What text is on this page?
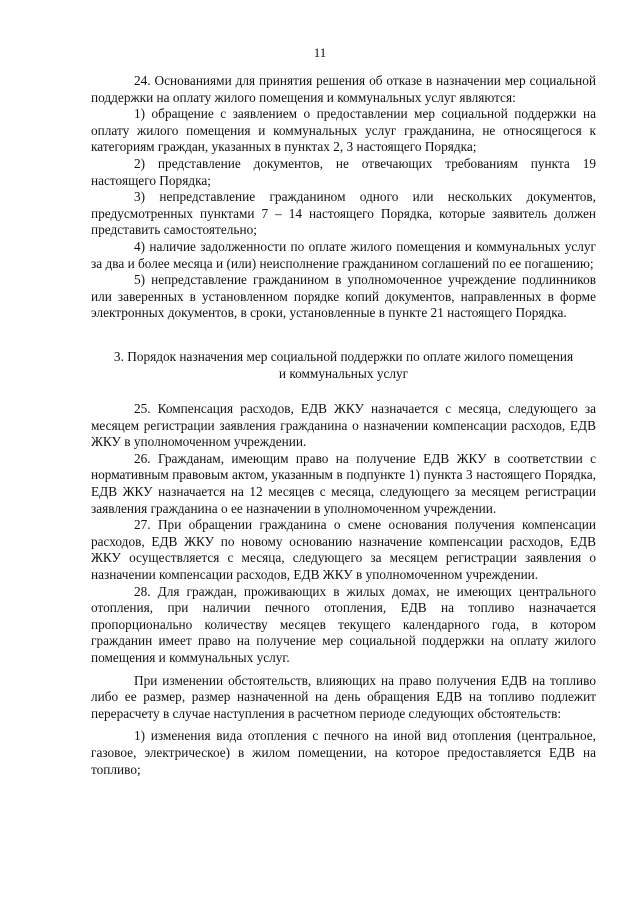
11

24. Основаниями для принятия решения об отказе в назначении мер социальной поддержки на оплату жилого помещения и коммунальных услуг являются:

1) обращение с заявлением о предоставлении мер социальной поддержки на оплату жилого помещения и коммунальных услуг гражданина, не относящегося к категориям граждан, указанных в пунктах 2, 3 настоящего Порядка;

2) представление документов, не отвечающих требованиям пункта 19 настоящего Порядка;

3) непредставление гражданином одного или нескольких документов, предусмотренных пунктами 7 – 14 настоящего Порядка, которые заявитель должен представить самостоятельно;

4) наличие задолженности по оплате жилого помещения и коммунальных услуг за два и более месяца и (или) неисполнение гражданином соглашений по ее погашению;

5) непредставление гражданином в уполномоченное учреждение подлинников или заверенных в установленном порядке копий документов, направленных в форме электронных документов, в сроки, установленные в пункте 21 настоящего Порядка.

3. Порядок назначения мер социальной поддержки по оплате жилого помещения и коммунальных услуг

25. Компенсация расходов, ЕДВ ЖКУ назначается с месяца, следующего за месяцем регистрации заявления гражданина о назначении компенсации расходов, ЕДВ ЖКУ в уполномоченном учреждении.

26. Гражданам, имеющим право на получение ЕДВ ЖКУ в соответствии с нормативным правовым актом, указанным в подпункте 1) пункта 3 настоящего Порядка, ЕДВ ЖКУ назначается на 12 месяцев с месяца, следующего за месяцем регистрации заявления гражданина о ее назначении в уполномоченном учреждении.

27. При обращении гражданина о смене основания получения компенсации расходов, ЕДВ ЖКУ по новому основанию назначение компенсации расходов, ЕДВ ЖКУ осуществляется с месяца, следующего за месяцем регистрации заявления о назначении компенсации расходов, ЕДВ ЖКУ в уполномоченном учреждении.

28. Для граждан, проживающих в жилых домах, не имеющих центрального отопления, при наличии печного отопления, ЕДВ на топливо назначается пропорционально количеству месяцев текущего календарного года, в котором гражданин имеет право на получение мер социальной поддержки на оплату жилого помещения и коммунальных услуг.

При изменении обстоятельств, влияющих на право получения ЕДВ на топливо либо ее размер, размер назначенной на день обращения ЕДВ на топливо подлежит перерасчету в случае наступления в расчетном периоде следующих обстоятельств:

1) изменения вида отопления с печного на иной вид отопления (центральное, газовое, электрическое) в жилом помещении, на которое предоставляется ЕДВ на топливо;
